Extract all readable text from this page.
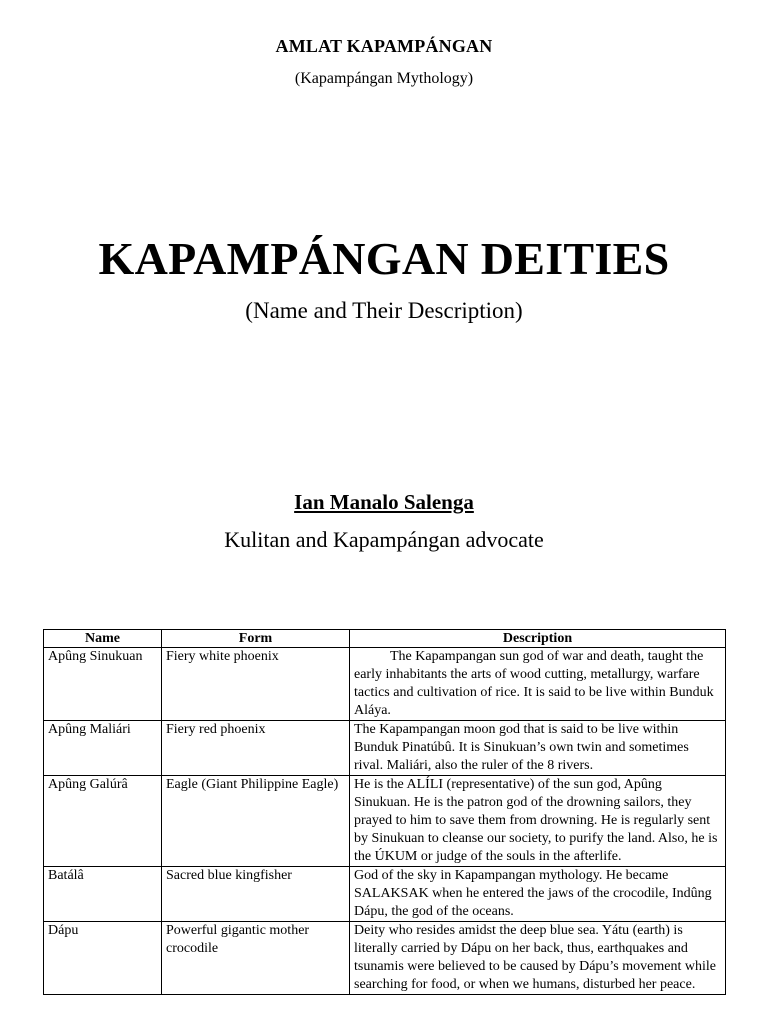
AMLAT KAPAMPÁNGAN
(Kapampángan Mythology)
KAPAMPÁNGAN DEITIES
(Name and Their Description)
Ian Manalo Salenga
Kulitan and Kapampángan advocate
Name	Form	Description
Apûng Sinukuan	Fiery white phoenix	The Kapampangan sun god of war and death, taught the early inhabitants the arts of wood cutting, metallurgy, warfare tactics and cultivation of rice. It is said to be live within Bunduk Aláya.
Apûng Maliári	Fiery red phoenix	The Kapampangan moon god that is said to be live within Bunduk Pinatúbû. It is Sinukuan’s own twin and sometimes rival. Maliári, also the ruler of the 8 rivers.
Apûng Galúrâ	Eagle (Giant Philippine Eagle)	He is the ALÍLI (representative) of the sun god, Apûng Sinukuan. He is the patron god of the drowning sailors, they prayed to him to save them from drowning. He is regularly sent by Sinukuan to cleanse our society, to purify the land. Also, he is the ÚKUM or judge of the souls in the afterlife.
Batálâ	Sacred blue kingfisher	God of the sky in Kapampangan mythology. He became SALAKSAK when he entered the jaws of the crocodile, Indûng Dápu, the god of the oceans.
Dápu	Powerful gigantic mother crocodile	Deity who resides amidst the deep blue sea. Yátu (earth) is literally carried by Dápu on her back, thus, earthquakes and tsunamis were believed to be caused by Dápu’s movement while searching for food, or when we humans, disturbed her peace.
